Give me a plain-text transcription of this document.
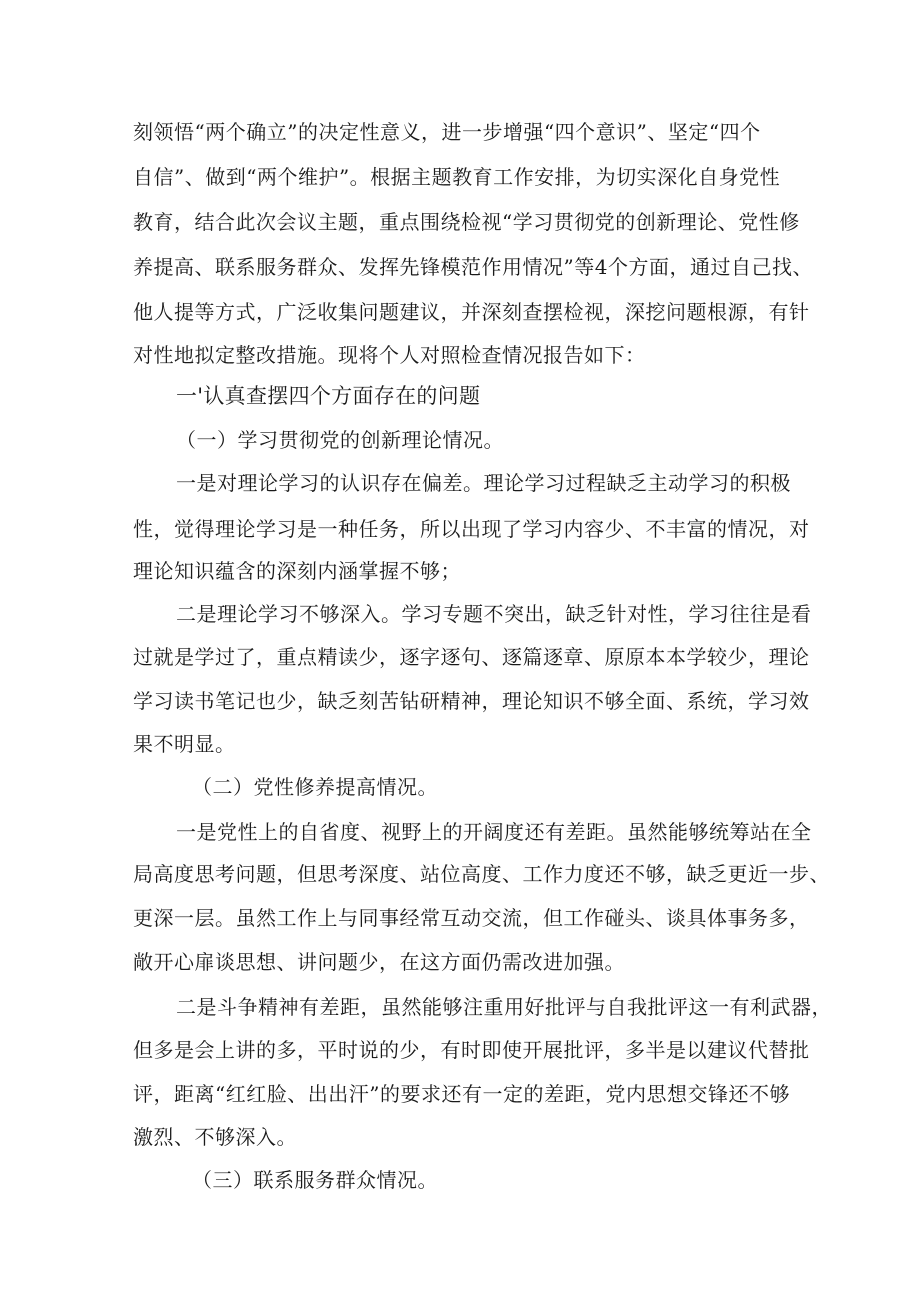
刻领悟“两个确立”的决定性意义，进一步增强“四个意识”、坚定“四个
自信”、做到“两个维护”。根据主题教育工作安排，为切实深化自身党性
教育，结合此次会议主题，重点围绕检视“学习贯彻党的创新理论、党性修
养提高、联系服务群众、发挥先锋模范作用情况”等4个方面，通过自己找、
他人提等方式，广泛收集问题建议，并深刻查摆检视，深挖问题根源，有针
对性地拟定整改措施。现将个人对照检查情况报告如下：
一'认真查摆四个方面存在的问题
（一）学习贯彻党的创新理论情况。
一是对理论学习的认识存在偏差。理论学习过程缺乏主动学习的积极
性，觉得理论学习是一种任务，所以出现了学习内容少、不丰富的情况，对
理论知识蕴含的深刻内涵掌握不够；
二是理论学习不够深入。学习专题不突出，缺乏针对性，学习往往是看
过就是学过了，重点精读少，逐字逐句、逐篇逐章、原原本本学较少，理论
学习读书笔记也少，缺乏刻苦钻研精神，理论知识不够全面、系统，学习效
果不明显。
（二）党性修养提高情况。
一是党性上的自省度、视野上的开阔度还有差距。虽然能够统筹站在全
局高度思考问题，但思考深度、站位高度、工作力度还不够，缺乏更近一步、
更深一层。虽然工作上与同事经常互动交流，但工作碰头、谈具体事务多，
敞开心扉谈思想、讲问题少，在这方面仍需改进加强。
二是斗争精神有差距，虽然能够注重用好批评与自我批评这一有利武器，
但多是会上讲的多，平时说的少，有时即使开展批评，多半是以建议代替批
评，距离“红红脸、出出汗”的要求还有一定的差距，党内思想交锋还不够
激烈、不够深入。
（三）联系服务群众情况。
